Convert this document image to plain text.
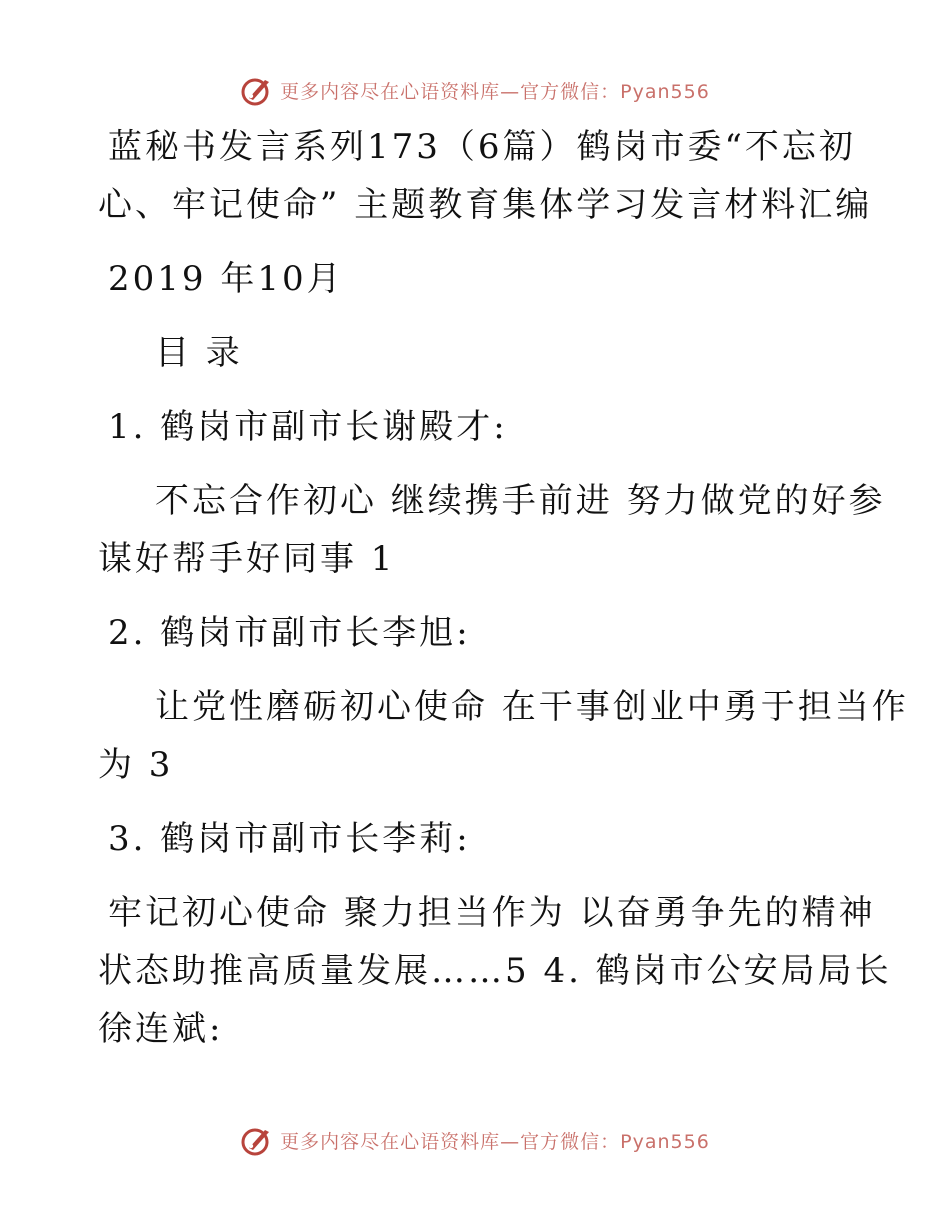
更多内容尽在心语资料库—官方微信：Pyan556
蓝秘书发言系列173（6篇）鹤岗市委“不忘初
心、牢记使命” 主题教育集体学习发言材料汇编
2019 年10月
目 录
1. 鹤岗市副市长谢殿才:
不忘合作初心 继续携手前进 努力做党的好参
谋好帮手好同事 1
2. 鹤岗市副市长李旭:
让党性磨砺初心使命 在干事创业中勇于担当作
为 3
3. 鹤岗市副市长李莉:
牢记初心使命 聚力担当作为 以奋勇争先的精神
状态助推高质量发展……5 4. 鹤岗市公安局局长
徐连斌:
更多内容尽在心语资料库—官方微信：Pyan556
